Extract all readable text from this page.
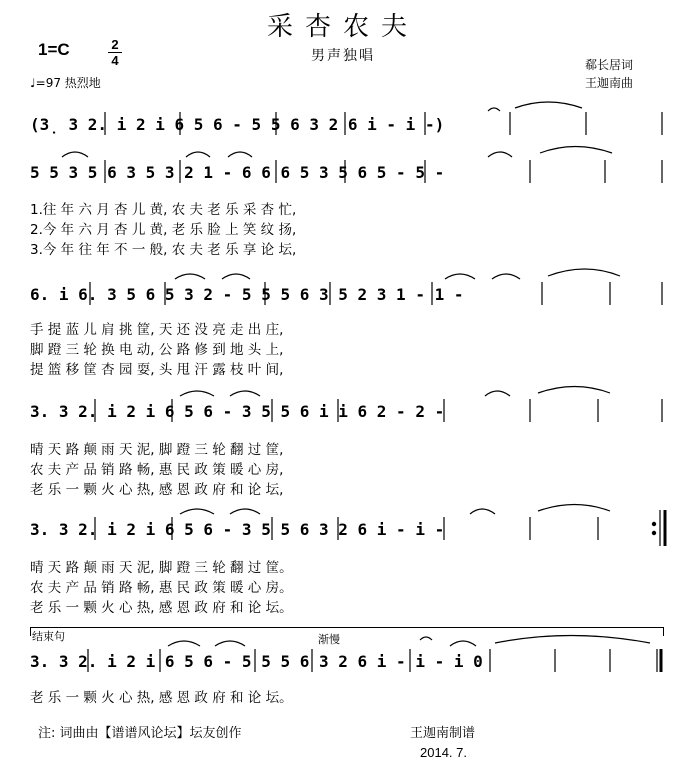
采杏农夫
男声独唱
1=C	2
4
♩=97 热烈地
郗长居词
王迦南曲
(3̣ 3 2. i 2 i 6 5 6 - 5 5 6 3 2 6 i - i -)
5 5 3 5 6 3 5 3 2 1 - 6 6 6 5 3 5 6 5 - 5 -
1.往 年 六 月 杏 儿 黄, 农 夫 老 乐 采 杏 忙,
2.今 年 六 月 杏 儿 黄, 老 乐 脸 上 笑 纹 扬,
3.今 年 往 年 不 一 般, 农 夫 老 乐 享 论 坛,
6. i 6. 3 5 6 5 3 2 - 5 5 5 6 3 5 2 3 1 - 1 -
手 提 蓝 儿 肩 挑 筐, 天 还 没 亮 走 出 庄,
脚 蹬 三 轮 换 电 动, 公 路 修 到 地 头 上,
提 篮 移 筐 杏 园 耍, 头 甩 汗 露 枝 叶 间,
3. 3 2. i 2 i 6 5 6 - 3 5 5 6 i i 6 2 - 2 -
晴 天 路 颠 雨 天 泥, 脚 蹬 三 轮 翻 过 筐,
农 夫 产 品 销 路 畅, 惠 民 政 策 暖 心 房,
老 乐 一 颗 火 心 热, 感 恩 政 府 和 论 坛,
3. 3 2. i 2 i 6 5 6 - 3 5 5 6 3 2 6 i - i -
晴 天 路 颠 雨 天 泥, 脚 蹬 三 轮 翻 过 筐。
农 夫 产 品 销 路 畅, 惠 民 政 策 暖 心 房。
老 乐 一 颗 火 心 热, 感 恩 政 府 和 论 坛。
结束句	渐慢
3. 3 2. i 2 i 6 5 6 - 5 5 5 6 3 2 6 i - i - i 0
老 乐 一 颗 火 心 热, 感 恩 政 府 和 论 坛。
注: 词曲由【谱谱风论坛】坛友创作	王迦南制谱
2014. 7.
